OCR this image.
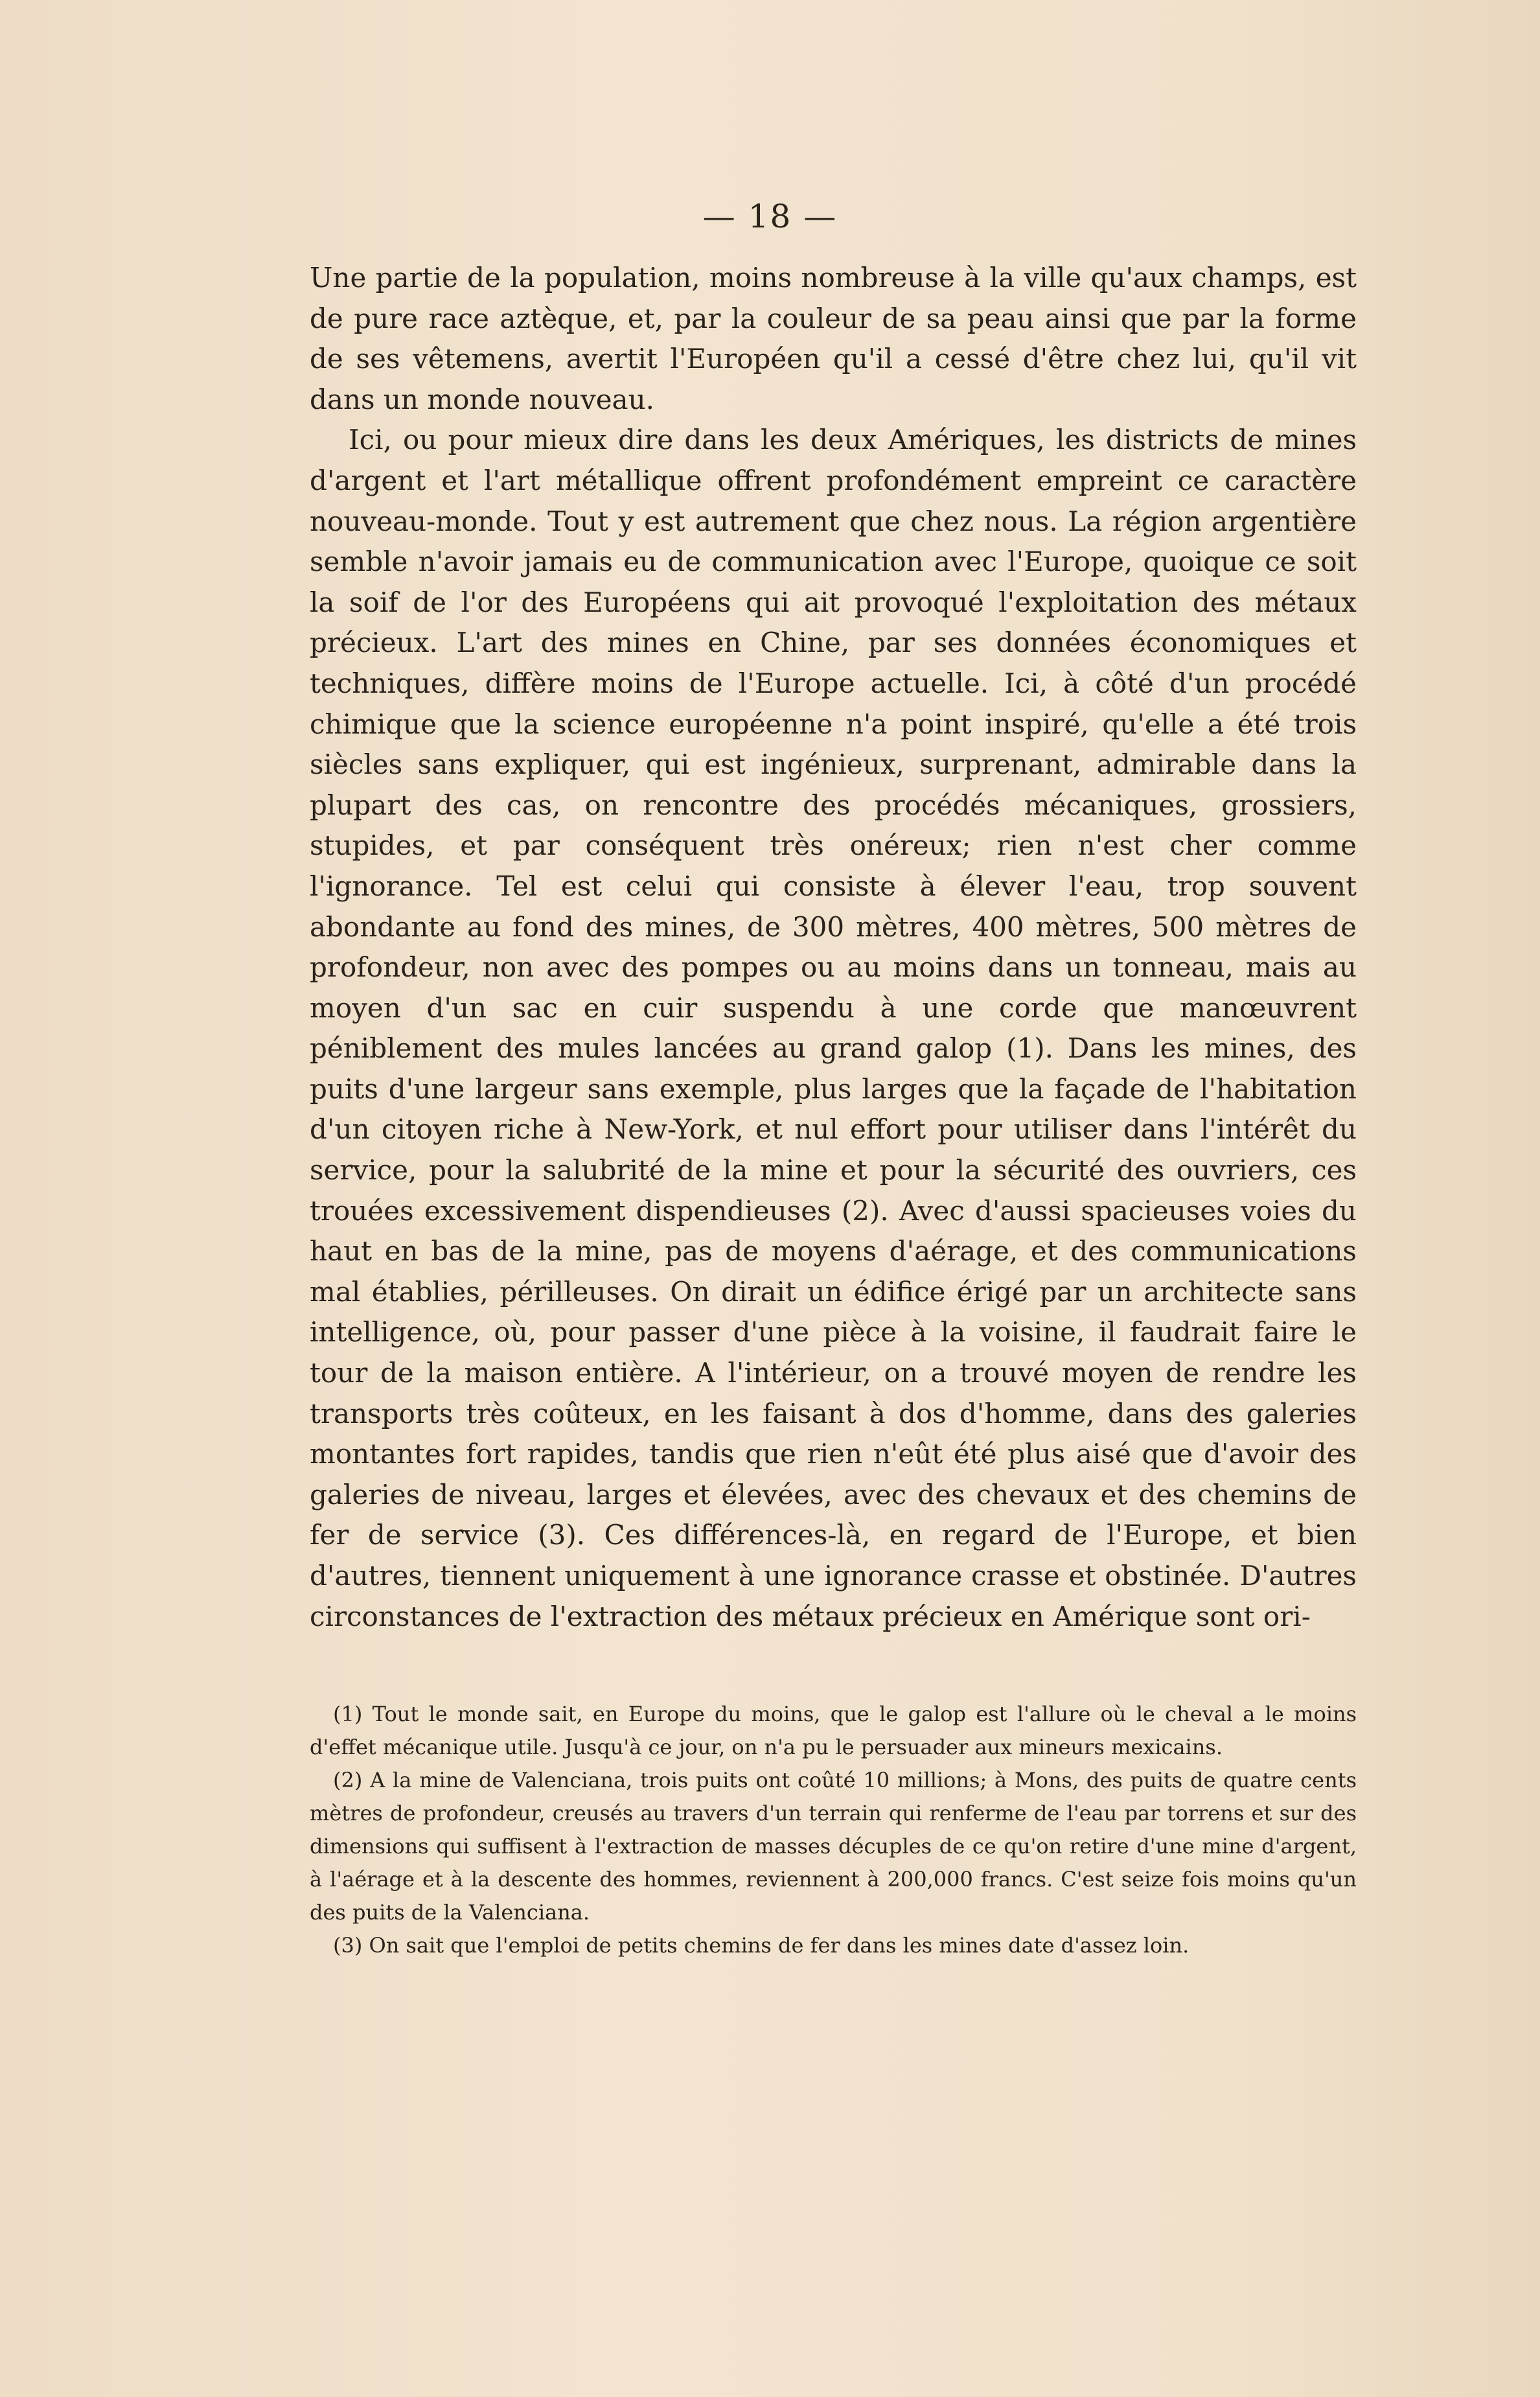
— 18 —

Une partie de la population, moins nombreuse à la ville qu'aux champs, est de pure race aztèque, et, par la couleur de sa peau ainsi que par la forme de ses vêtemens, avertit l'Européen qu'il a cessé d'être chez lui, qu'il vit dans un monde nouveau.

Ici, ou pour mieux dire dans les deux Amériques, les districts de mines d'argent et l'art métallique offrent profondément empreint ce caractère nouveau-monde. Tout y est autrement que chez nous. La région argentière semble n'avoir jamais eu de communication avec l'Europe, quoique ce soit la soif de l'or des Européens qui ait provoqué l'exploitation des métaux précieux. L'art des mines en Chine, par ses données économiques et techniques, diffère moins de l'Europe actuelle. Ici, à côté d'un procédé chimique que la science européenne n'a point inspiré, qu'elle a été trois siècles sans expliquer, qui est ingénieux, surprenant, admirable dans la plupart des cas, on rencontre des procédés mécaniques, grossiers, stupides, et par conséquent très onéreux; rien n'est cher comme l'ignorance. Tel est celui qui consiste à élever l'eau, trop souvent abondante au fond des mines, de 300 mètres, 400 mètres, 500 mètres de profondeur, non avec des pompes ou au moins dans un tonneau, mais au moyen d'un sac en cuir suspendu à une corde que manœuvrent péniblement des mules lancées au grand galop (1). Dans les mines, des puits d'une largeur sans exemple, plus larges que la façade de l'habitation d'un citoyen riche à New-York, et nul effort pour utiliser dans l'intérêt du service, pour la salubrité de la mine et pour la sécurité des ouvriers, ces trouées excessivement dispendieuses (2). Avec d'aussi spacieuses voies du haut en bas de la mine, pas de moyens d'aérage, et des communications mal établies, périlleuses. On dirait un édifice érigé par un architecte sans intelligence, où, pour passer d'une pièce à la voisine, il faudrait faire le tour de la maison entière. A l'intérieur, on a trouvé moyen de rendre les transports très coûteux, en les faisant à dos d'homme, dans des galeries montantes fort rapides, tandis que rien n'eût été plus aisé que d'avoir des galeries de niveau, larges et élevées, avec des chevaux et des chemins de fer de service (3). Ces différences-là, en regard de l'Europe, et bien d'autres, tiennent uniquement à une ignorance crasse et obstinée. D'autres circonstances de l'extraction des métaux précieux en Amérique sont ori-

(1) Tout le monde sait, en Europe du moins, que le galop est l'allure où le cheval a le moins d'effet mécanique utile. Jusqu'à ce jour, on n'a pu le persuader aux mineurs mexicains.

(2) A la mine de Valenciana, trois puits ont coûté 10 millions; à Mons, des puits de quatre cents mètres de profondeur, creusés au travers d'un terrain qui renferme de l'eau par torrens et sur des dimensions qui suffisent à l'extraction de masses décuples de ce qu'on retire d'une mine d'argent, à l'aérage et à la descente des hommes, reviennent à 200,000 francs. C'est seize fois moins qu'un des puits de la Valenciana.

(3) On sait que l'emploi de petits chemins de fer dans les mines date d'assez loin.
